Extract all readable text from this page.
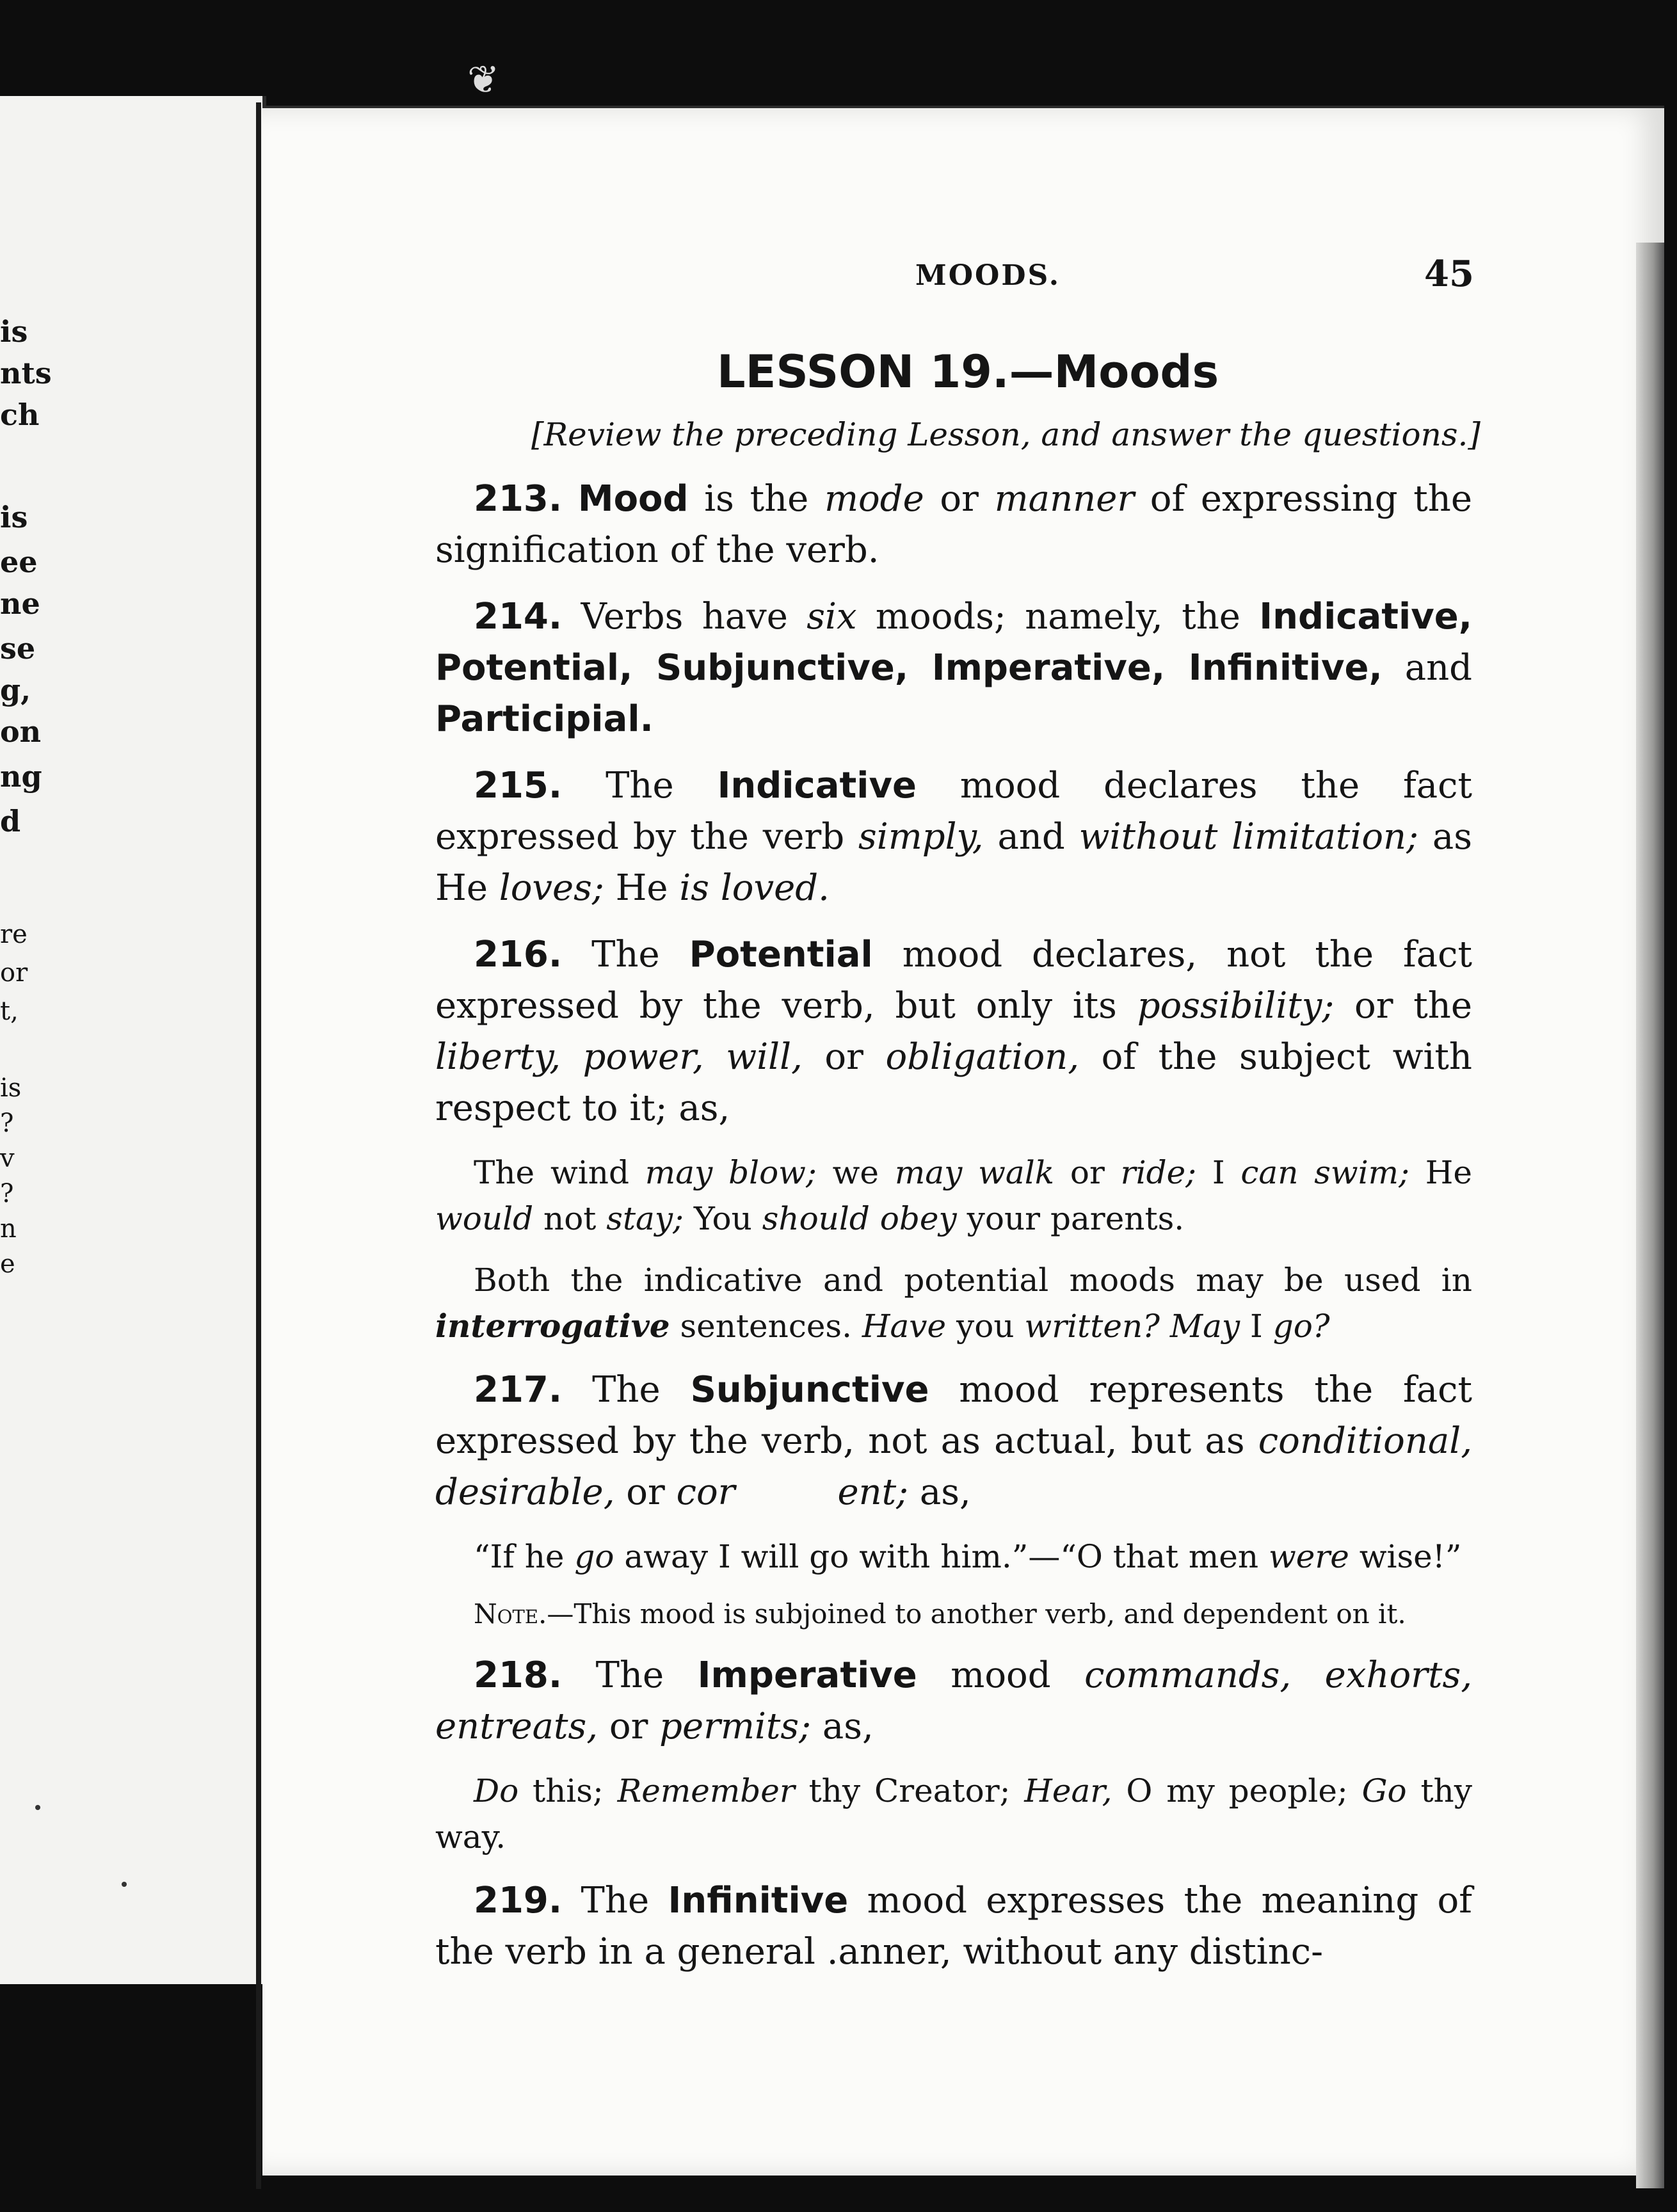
is
nts
ch
is
ee
ne
se
g,
on
ng
d
re
or
t,
is
?
v
?
n
e
❦
MOODS.	45
LESSON 19.—Moods
[Review the preceding Lesson, and answer the questions.]

213. Mood is the mode or manner of expressing the signification of the verb.

214. Verbs have six moods; namely, the Indicative, Potential, Subjunctive, Imperative, Infinitive, and Participial.

215. The Indicative mood declares the fact expressed by the verb simply, and without limitation; as He loves; He is loved.

216. The Potential mood declares, not the fact expressed by the verb, but only its possibility; or the liberty, power, will, or obligation, of the subject with respect to it; as,

The wind may blow; we may walk or ride; I can swim; He would not stay; You should obey your parents.

Both the indicative and potential moods may be used in interrogative sentences. Have you written? May I go?

217. The Subjunctive mood represents the fact expressed by the verb, not as actual, but as conditional, desirable, or cor	ent; as,

“If he go away I will go with him.”—“O that men were wise!”

Note.—This mood is subjoined to another verb, and dependent on it.

218. The Imperative mood commands, exhorts, entreats, or permits; as,

Do this; Remember thy Creator; Hear, O my people; Go thy way.

219. The Infinitive mood expresses the meaning of the verb in a general .anner, without any distinc-
